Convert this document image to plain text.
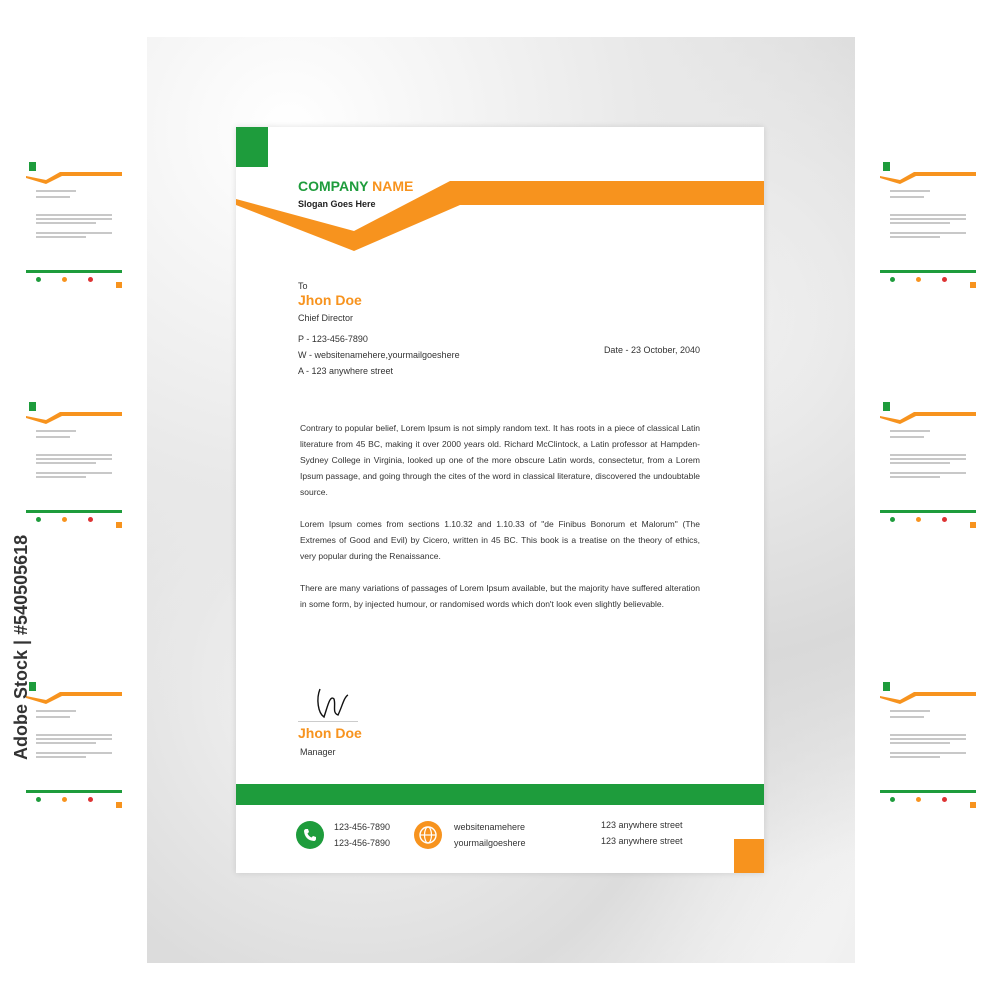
COMPANY NAME
Slogan Goes Here
To
Jhon Doe
Chief Director
P - 123-456-7890
W - websitenamehere,yourmailgoeshere
A - 123 anywhere street
Date - 23 October, 2040

Contrary to popular belief, Lorem Ipsum is not simply random text. It has roots in a piece of classical Latin literature from 45 BC, making it over 2000 years old. Richard McClintock, a Latin professor at Hampden-Sydney College in Virginia, looked up one of the more obscure Latin words, consectetur, from a Lorem Ipsum passage, and going through the cites of the word in classical literature, discovered the undoubtable source.

Lorem Ipsum comes from sections 1.10.32 and 1.10.33 of "de Finibus Bonorum et Malorum" (The Extremes of Good and Evil) by Cicero, written in 45 BC. This book is a treatise on the theory of ethics, very popular during the Renaissance.

There are many variations of passages of Lorem Ipsum available, but the majority have suffered alteration in some form, by injected humour, or randomised words which don't look even slightly believable.

Jhon Doe
Manager
123-456-7890
123-456-7890
websitenamehere
yourmailgoeshere
123 anywhere street
123 anywhere street
Adobe Stock | #540505618
